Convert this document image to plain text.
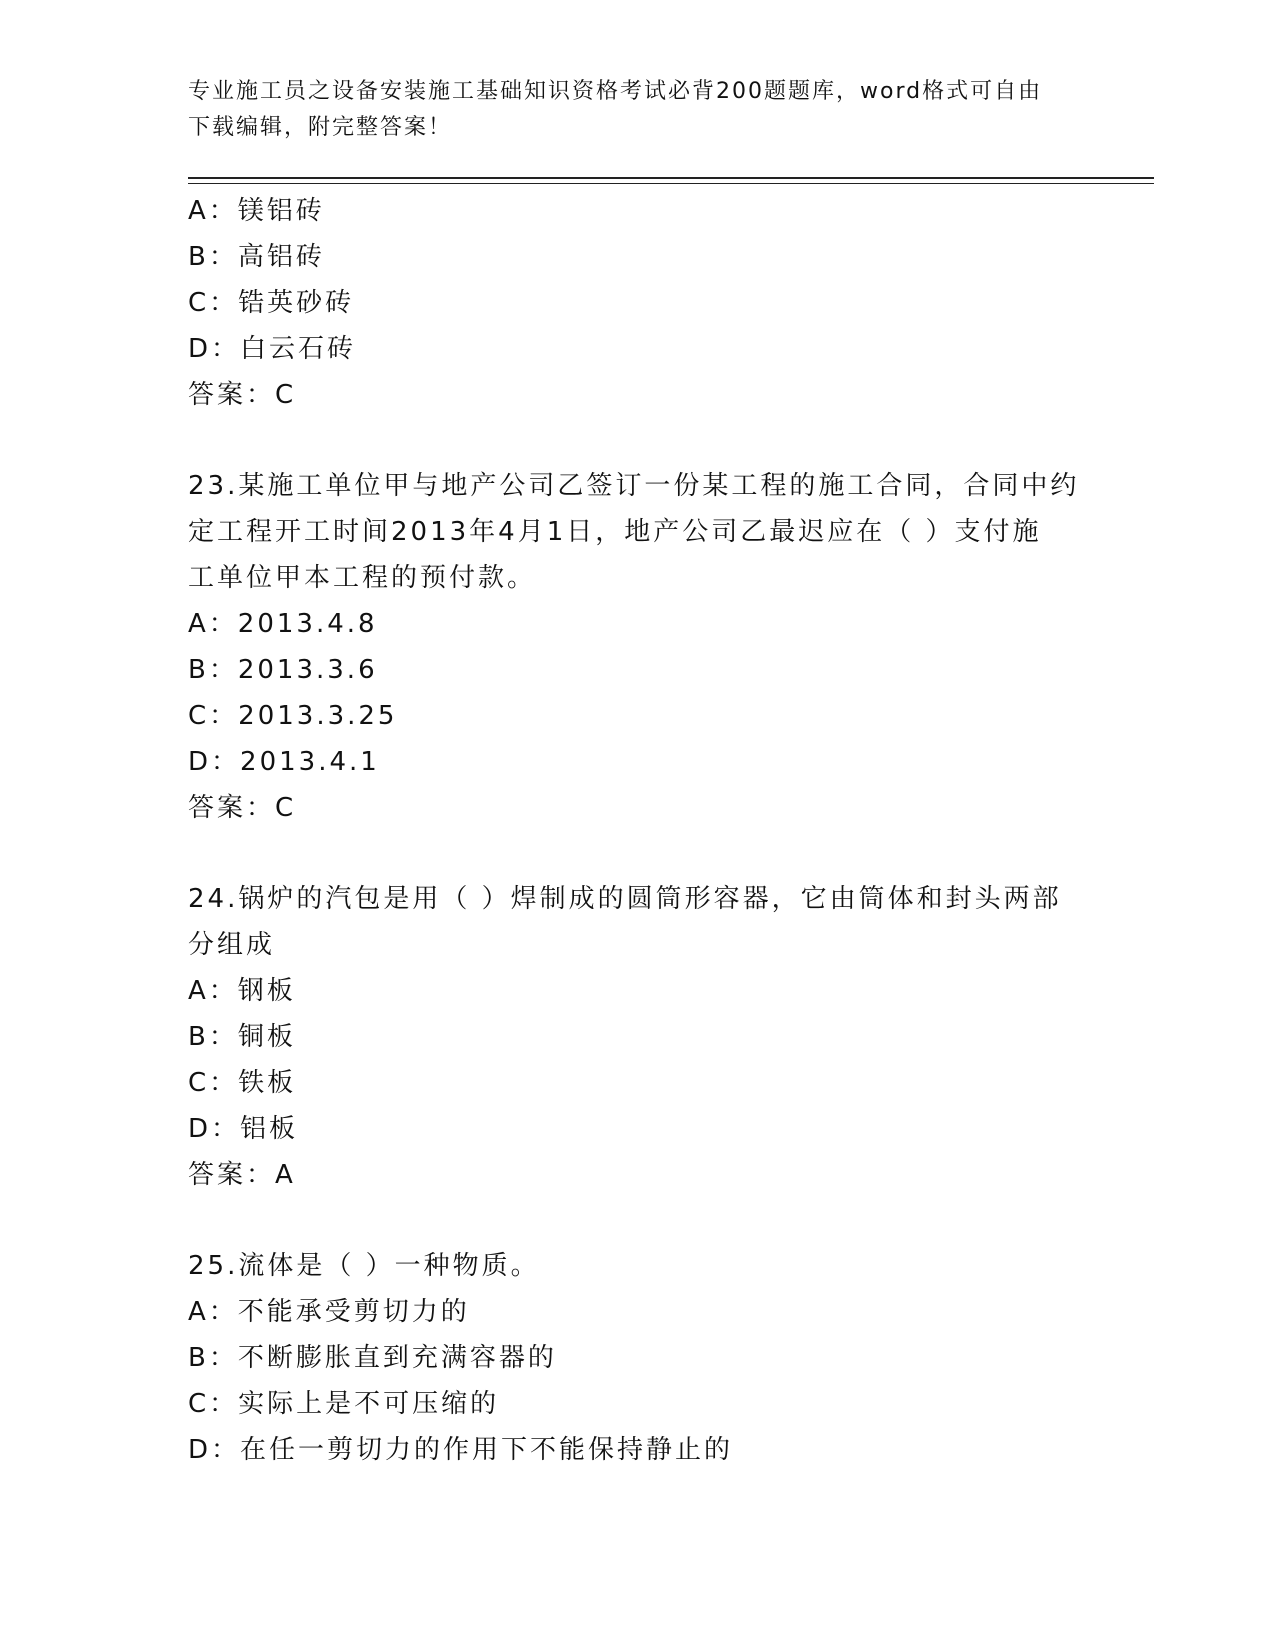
专业施工员之设备安装施工基础知识资格考试必背200题题库，word格式可自由
下载编辑，附完整答案！
A：镁铝砖
B：高铝砖
C：锆英砂砖
D：白云石砖
答案：C
23.某施工单位甲与地产公司乙签订一份某工程的施工合同，合同中约
定工程开工时间2013年4月1日，地产公司乙最迟应在（ ）支付施
工单位甲本工程的预付款。
A：2013.4.8
B：2013.3.6
C：2013.3.25
D：2013.4.1
答案：C
24.锅炉的汽包是用（ ）焊制成的圆筒形容器，它由筒体和封头两部
分组成
A：钢板
B：铜板
C：铁板
D：铝板
答案：A
25.流体是（ ）一种物质。
A：不能承受剪切力的
B：不断膨胀直到充满容器的
C：实际上是不可压缩的
D：在任一剪切力的作用下不能保持静止的
